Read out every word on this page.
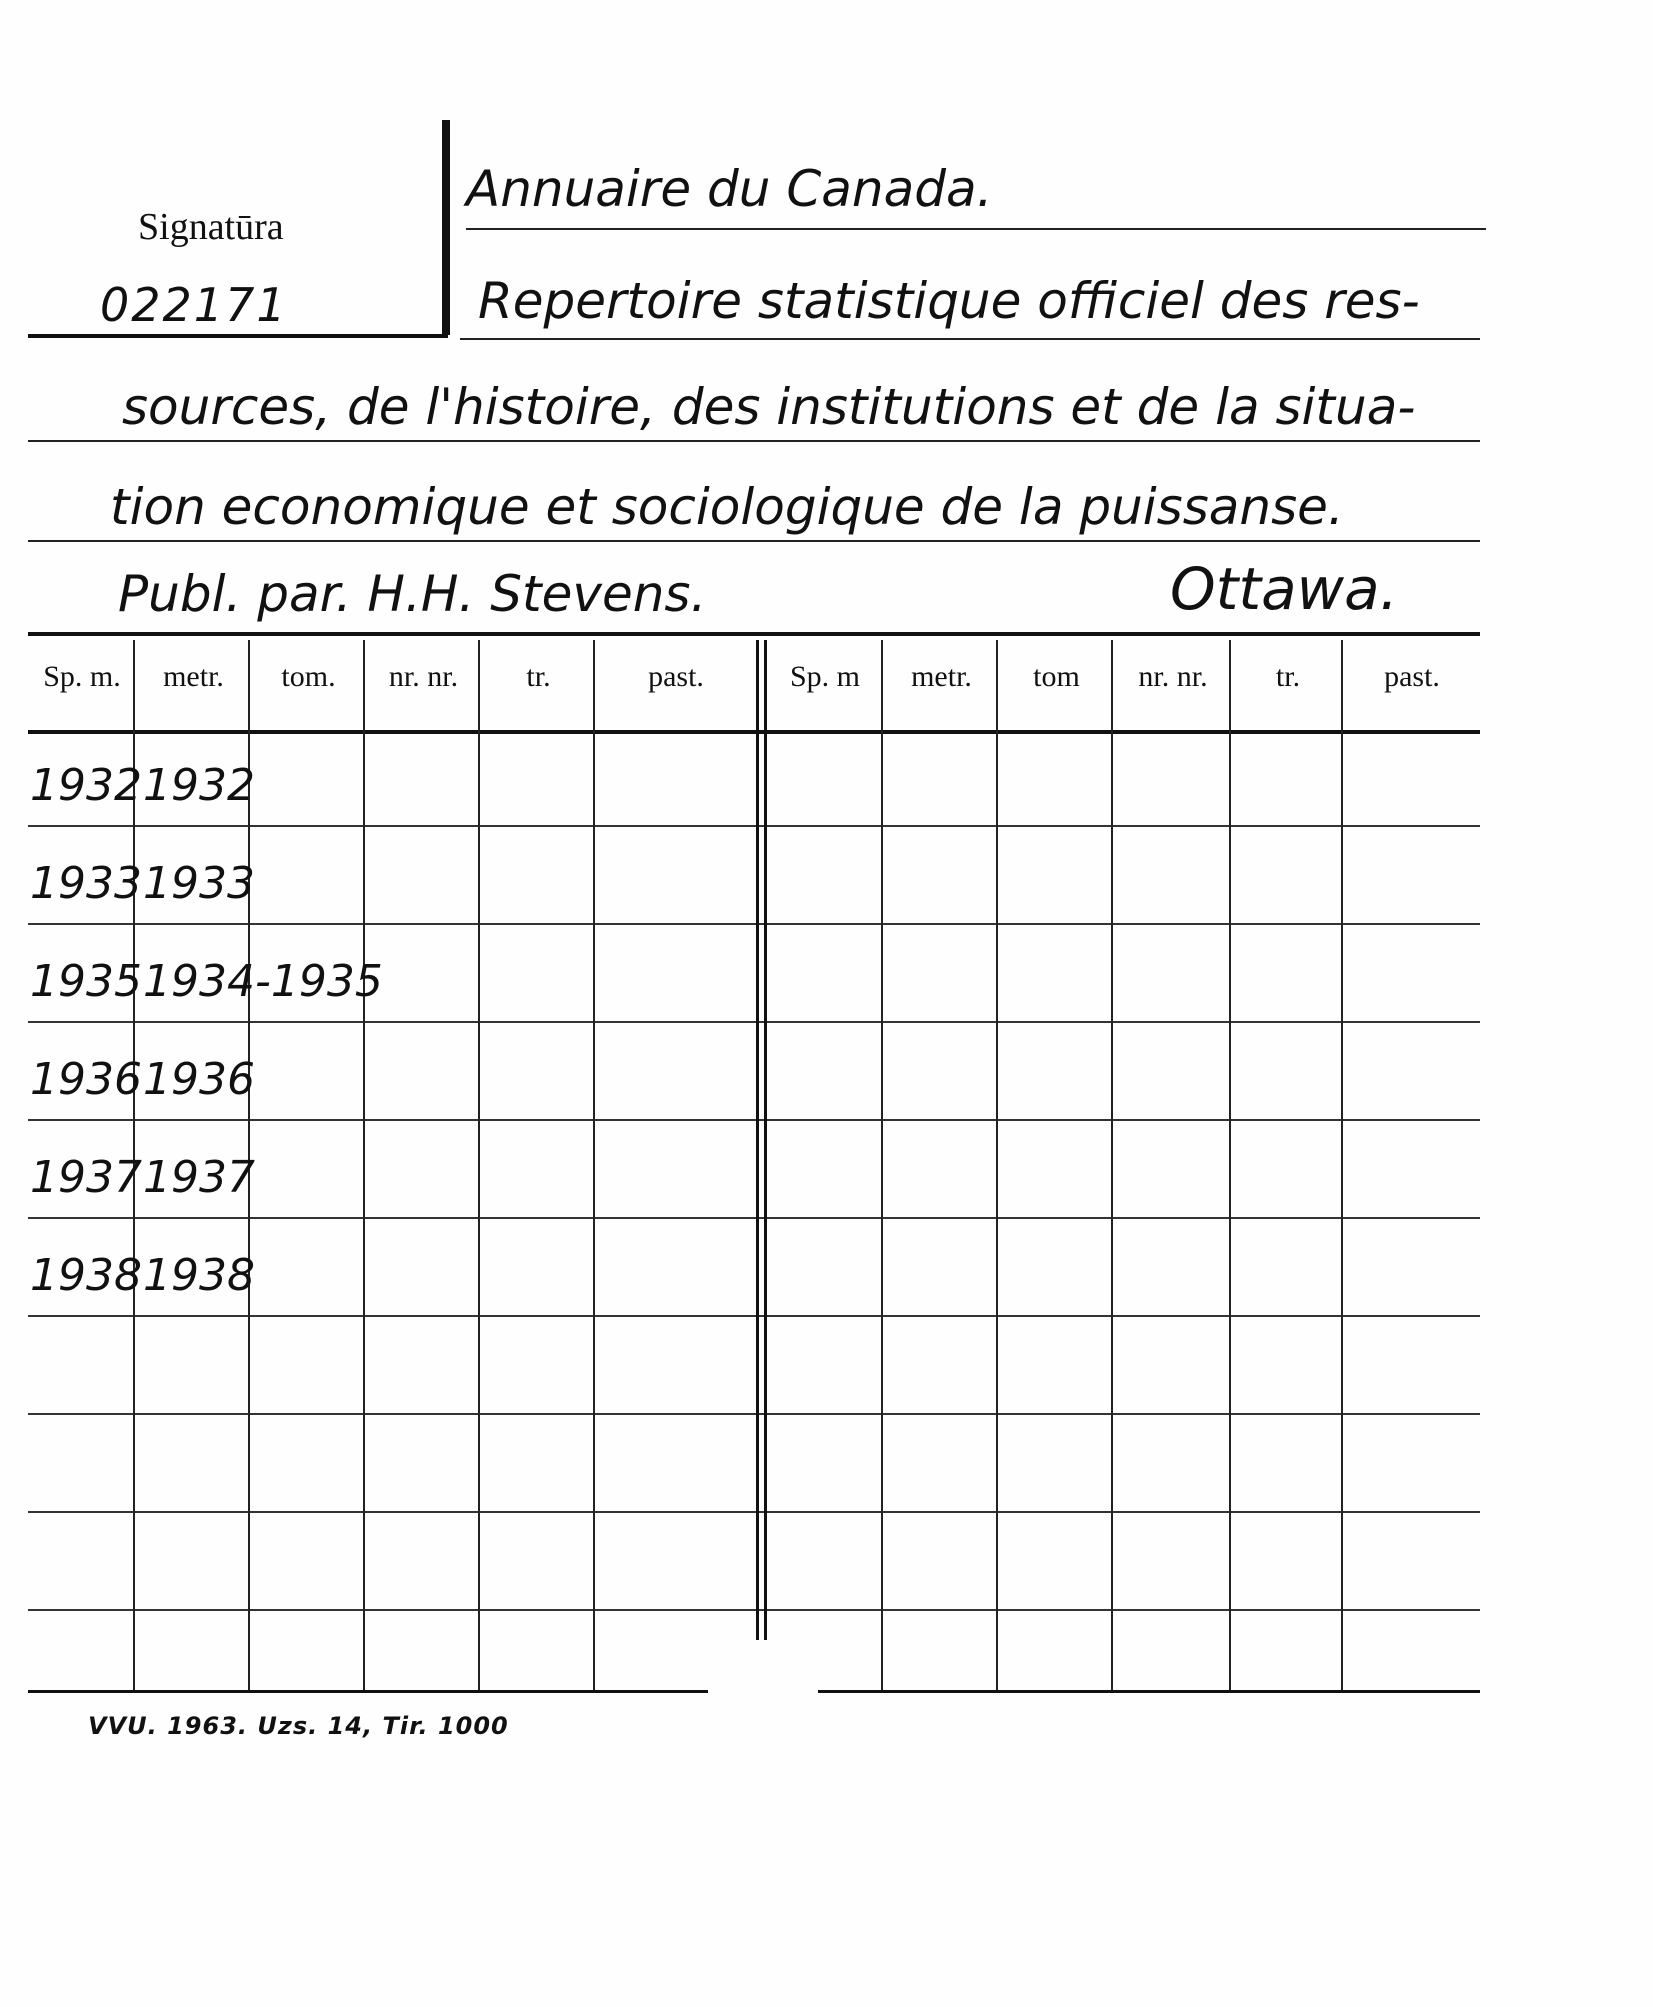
Signatūra
022171
Annuaire du Canada.
Repertoire statistique officiel des res-
sources, de l'histoire, des institutions et de la situa-
tion economique et sociologique de la puissanse.
Publ. par. H.H. Stevens.	Ottawa.
Sp. m.	metr.	tom.	nr. nr.	tr.	past.	Sp. m	metr.	tom	nr. nr.	tr.	past.
1932 1932
1933 1933
1935 1934-1935
1936 1936
1937 1937
1938 1938
VVU. 1963. Uzs. 14, Tir. 1000
